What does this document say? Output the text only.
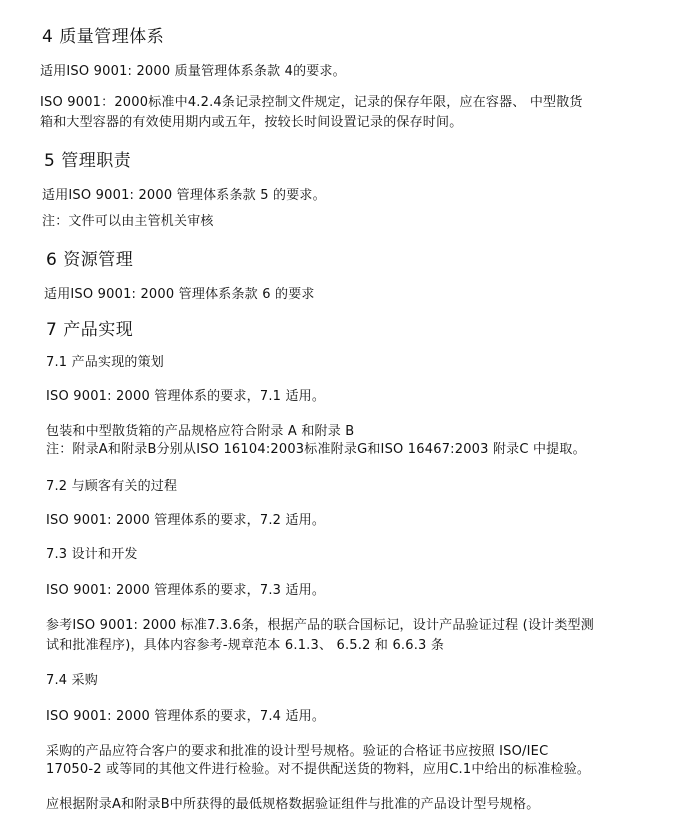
4 质量管理体系
适用ISO 9001: 2000 质量管理体系条款 4的要求。
ISO 9001：2000标准中4.2.4条记录控制文件规定，记录的保存年限，应在容器、 中型散货
箱和大型容器的有效使用期内或五年，按较长时间设置记录的保存时间。
5 管理职责
适用ISO 9001: 2000 管理体系条款 5 的要求。
注：文件可以由主管机关审核
6 资源管理
适用ISO 9001: 2000 管理体系条款 6 的要求
7 产品实现
7.1 产品实现的策划
ISO 9001: 2000 管理体系的要求，7.1 适用。
包装和中型散货箱的产品规格应符合附录 A 和附录 B
注：附录A和附录B分别从ISO 16104:2003标准附录G和ISO 16467:2003 附录C 中提取。
7.2 与顾客有关的过程
ISO 9001: 2000 管理体系的要求，7.2 适用。
7.3 设计和开发
ISO 9001: 2000 管理体系的要求，7.3 适用。
参考ISO 9001: 2000 标准7.3.6条，根据产品的联合国标记，设计产品验证过程 (设计类型测
试和批准程序)，具体内容参考-规章范本 6.1.3、 6.5.2 和 6.6.3 条
7.4 采购
ISO 9001: 2000 管理体系的要求，7.4 适用。
采购的产品应符合客户的要求和批准的设计型号规格。验证的合格证书应按照 ISO/IEC
17050-2 或等同的其他文件进行检验。对不提供配送货的物料，应用C.1中给出的标准检验。
应根据附录A和附录B中所获得的最低规格数据验证组件与批准的产品设计型号规格。
